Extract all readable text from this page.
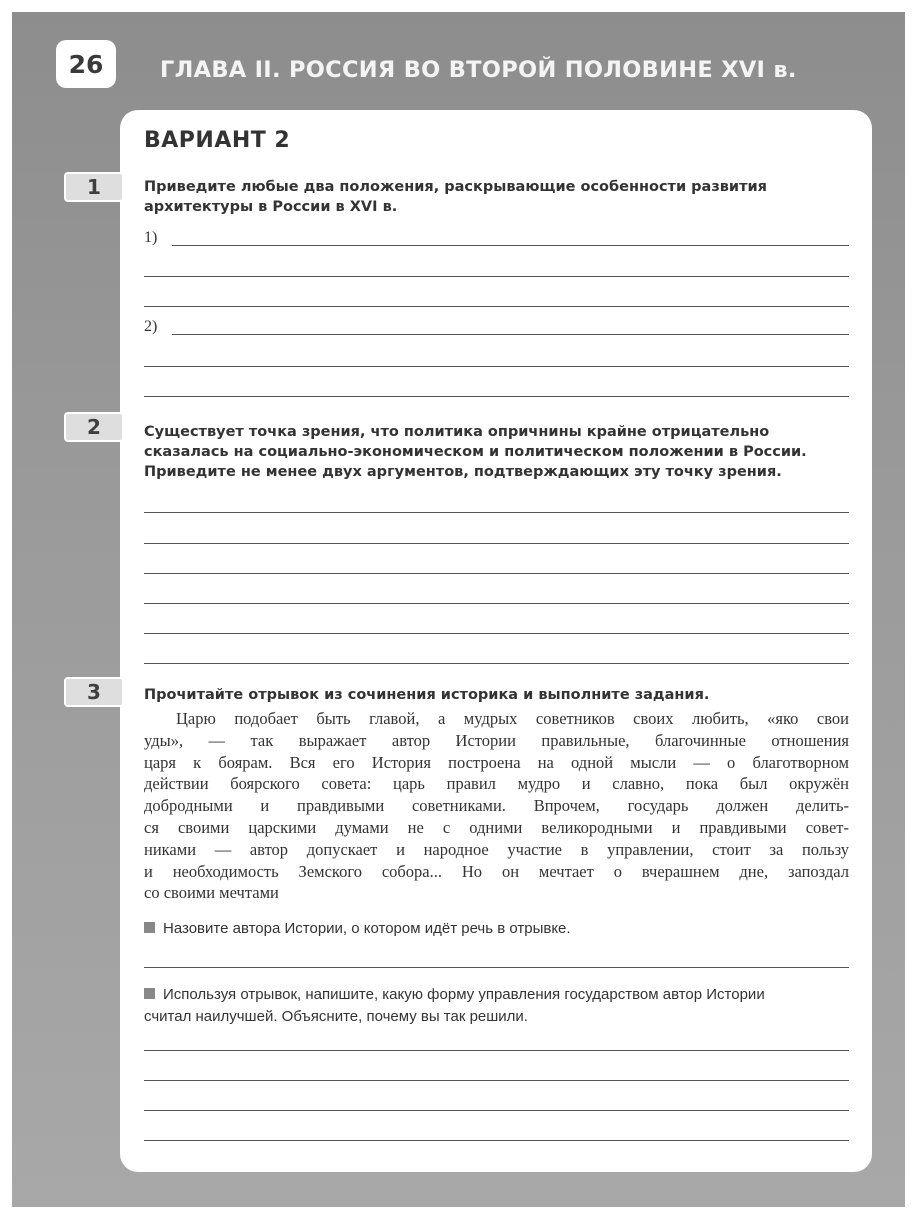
26	ГЛАВА II. РОССИЯ ВО ВТОРОЙ ПОЛОВИНЕ XVI в.
ВАРИАНТ 2
1	Приведите любые два положения, раскрывающие особенности развития
архитектуры в России в XVI в.
1)
2)
2	Существует точка зрения, что политика опричнины крайне отрицательно
сказалась на социально-экономическом и политическом положении в России.
Приведите не менее двух аргументов, подтверждающих эту точку зрения.
3	Прочитайте отрывок из сочинения историка и выполните задания.
Царю подобает быть главой, а мудрых советников своих любить, «яко свои
уды», — так выражает автор Истории правильные, благочинные отношения
царя к боярам. Вся его История построена на одной мысли — о благотворном
действии боярского совета: царь правил мудро и славно, пока был окружён
добродными и правдивыми советниками. Впрочем, государь должен делить-
ся своими царскими думами не с одними великородными и правдивыми совет-
никами — автор допускает и народное участие в управлении, стоит за пользу
и необходимость Земского собора... Но он мечтает о вчерашнем дне, запоздал
со своими мечтами
Назовите автора Истории, о котором идёт речь в отрывке.
Используя отрывок, напишите, какую форму управления государством автор Истории
считал наилучшей. Объясните, почему вы так решили.
